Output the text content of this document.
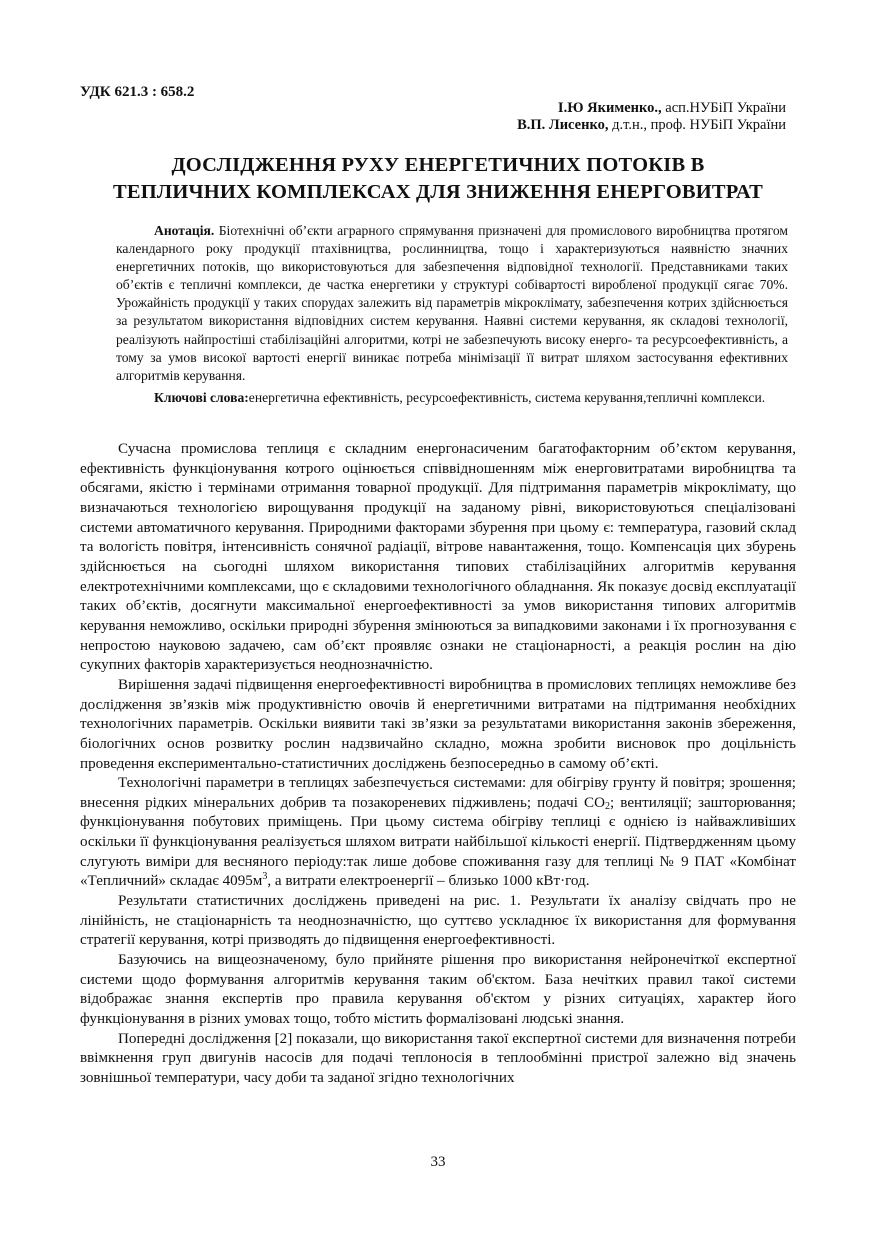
УДК 621.3 : 658.2
І.Ю Якименко., асп.НУБіП України
В.П. Лисенко, д.т.н., проф. НУБіП України
ДОСЛІДЖЕННЯ РУХУ ЕНЕРГЕТИЧНИХ ПОТОКІВ В
ТЕПЛИЧНИХ КОМПЛЕКСАХ ДЛЯ ЗНИЖЕННЯ ЕНЕРГОВИТРАТ
Анотація. Біотехнічні об’єкти аграрного спрямування призначені для промислового виробництва протягом календарного року продукції птахівництва, рослинництва, тощо і характеризуються наявністю значних енергетичних потоків, що використовуються для забезпечення відповідної технології. Представниками таких об’єктів є тепличні комплекси, де частка енергетики у структурі собівартості виробленої продукції сягає 70%. Урожайність продукції у таких спорудах залежить від параметрів мікроклімату, забезпечення котрих здійснюється за результатом використання відповідних систем керування. Наявні системи керування, як складові технології, реалізують найпростіші стабілізаційні алгоритми, котрі не забезпечують високу енерго- та ресурсоефективність, а тому за умов високої вартості енергії виникає потреба мінімізації її витрат шляхом застосування ефективних алгоритмів керування.
Ключові слова:енергетична ефективність, ресурсоефективність, система керування,тепличні комплекси.

Сучасна промислова теплиця є складним енергонасиченим багатофакторним об’єктом керування, ефективність функціонування котрого оцінюється співвідношенням між енерговитратами виробництва та обсягами, якістю і термінами отримання товарної продукції. Для підтримання параметрів мікроклімату, що визначаються технологією вирощування продукції на заданому рівні, використовуються спеціалізовані системи автоматичного керування. Природними факторами збурення при цьому є: температура, газовий склад та вологість повітря, інтенсивність сонячної радіації, вітрове навантаження, тощо. Компенсація цих збурень здійснюється на сьогодні шляхом використання типових стабілізаційних алгоритмів керування електротехнічними комплексами, що є складовими технологічного обладнання. Як показує досвід експлуатації таких об’єктів, досягнути максимальної енергоефективності за умов використання типових алгоритмів керування неможливо, оскільки природні збурення змінюються за випадковими законами і їх прогнозування є непростою науковою задачею, сам об’єкт проявляє ознаки не стаціонарності, а реакція рослин на дію сукупних факторів характеризується неоднозначністю.

Вирішення задачі підвищення енергоефективності виробництва в промислових теплицях неможливе без дослідження зв’язків між продуктивністю овочів й енергетичними витратами на підтримання необхідних технологічних параметрів. Оскільки виявити такі зв’язки за результатами використання законів збереження, біологічних основ розвитку рослин надзвичайно складно, можна зробити висновок про доцільність проведення експериментально-статистичних досліджень безпосередньо в самому об’єкті.

Технологічні параметри в теплицях забезпечується системами: для обігріву грунту й повітря; зрошення; внесення рідких мінеральних добрив та позакореневих підживлень; подачі $CO_2$; вентиляції; зашторювання; функціонування побутових приміщень. При цьому система обігріву теплиці є однією із найважливіших оскільки її функціонування реалізується шляхом витрати найбільшої кількості енергії. Підтвердженням цьому слугують виміри для весняного періоду:так лише добове споживання газу для теплиці № 9 ПАТ «Комбінат «Тепличний» складає $4095м^3$, а витрати електроенергії – близько 1000 кВт·год.

Результати статистичних досліджень приведені на рис. 1. Результати їх аналізу свідчать про не лінійність, не стаціонарність та неоднозначністю, що суттєво ускладнює їх використання для формування стратегії керування, котрі призводять до підвищення енергоефективності.

Базуючись на вищеозначеному, було прийняте рішення про використання нейронечіткої експертної системи щодо формування алгоритмів керування таким об'єктом. База нечітких правил такої системи відображає знання експертів про правила керування об'єктом у різних ситуаціях, характер його функціонування в різних умовах тощо, тобто містить формалізовані людські знання.

Попередні дослідження [2] показали, що використання такої експертної системи для визначення потреби ввімкнення груп двигунів насосів для подачі теплоносія в теплообмінні пристрої залежно від значень зовнішньої температури, часу доби та заданої згідно технологічних

33
